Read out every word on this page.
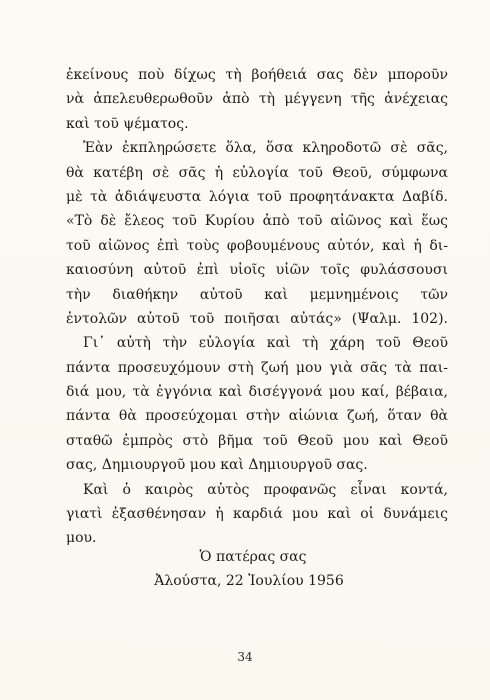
ἐκείνους ποὺ δίχως τὴ βοήθειά σας δὲν μποροῦν
νὰ ἀπελευθερωθοῦν ἀπὸ τὴ μέγγενη τῆς ἀνέχειας
καὶ τοῦ ψέματος.
Ἐὰν ἐκπληρώσετε ὅλα, ὅσα κληροδοτῶ σὲ σᾶς,
θὰ κατέβη σὲ σᾶς ἡ εὐλογία τοῦ Θεοῦ, σύμφωνα
μὲ τὰ ἀδιάψευστα λόγια τοῦ προφητάνακτα Δαβίδ.
«Τὸ δὲ ἔλεος τοῦ Κυρίου ἀπὸ τοῦ αἰῶνος καὶ ἕως
τοῦ αἰῶνος ἐπὶ τοὺς φοβουμένους αὐτόν, καὶ ἡ δι-
καιοσύνη αὐτοῦ ἐπὶ υἱοῖς υἱῶν τοῖς φυλάσσουσι
τὴν διαθήκην αὐτοῦ καὶ μεμνημένοις τῶν
ἐντολῶν αὐτοῦ τοῦ ποιῆσαι αὐτάς» (Ψαλμ. 102).
Γι᾽ αὐτὴ τὴν εὐλογία καὶ τὴ χάρη τοῦ Θεοῦ
πάντα προσευχόμουν στὴ ζωή μου γιὰ σᾶς τὰ παι-
διά μου, τὰ ἐγγόνια καὶ δισέγγονά μου καί, βέβαια,
πάντα θὰ προσεύχομαι στὴν αἰώνια ζωή, ὅταν θὰ
σταθῶ ἐμπρὸς στὸ βῆμα τοῦ Θεοῦ μου καὶ Θεοῦ
σας, Δημιουργοῦ μου καὶ Δημιουργοῦ σας.
Καὶ ὁ καιρὸς αὐτὸς προφανῶς εἶναι κοντά,
γιατὶ ἐξασθένησαν ἡ καρδιά μου καὶ οἱ δυνάμεις
μου.
Ὁ πατέρας σας
Ἀλούστα, 22 Ἰουλίου 1956
34
